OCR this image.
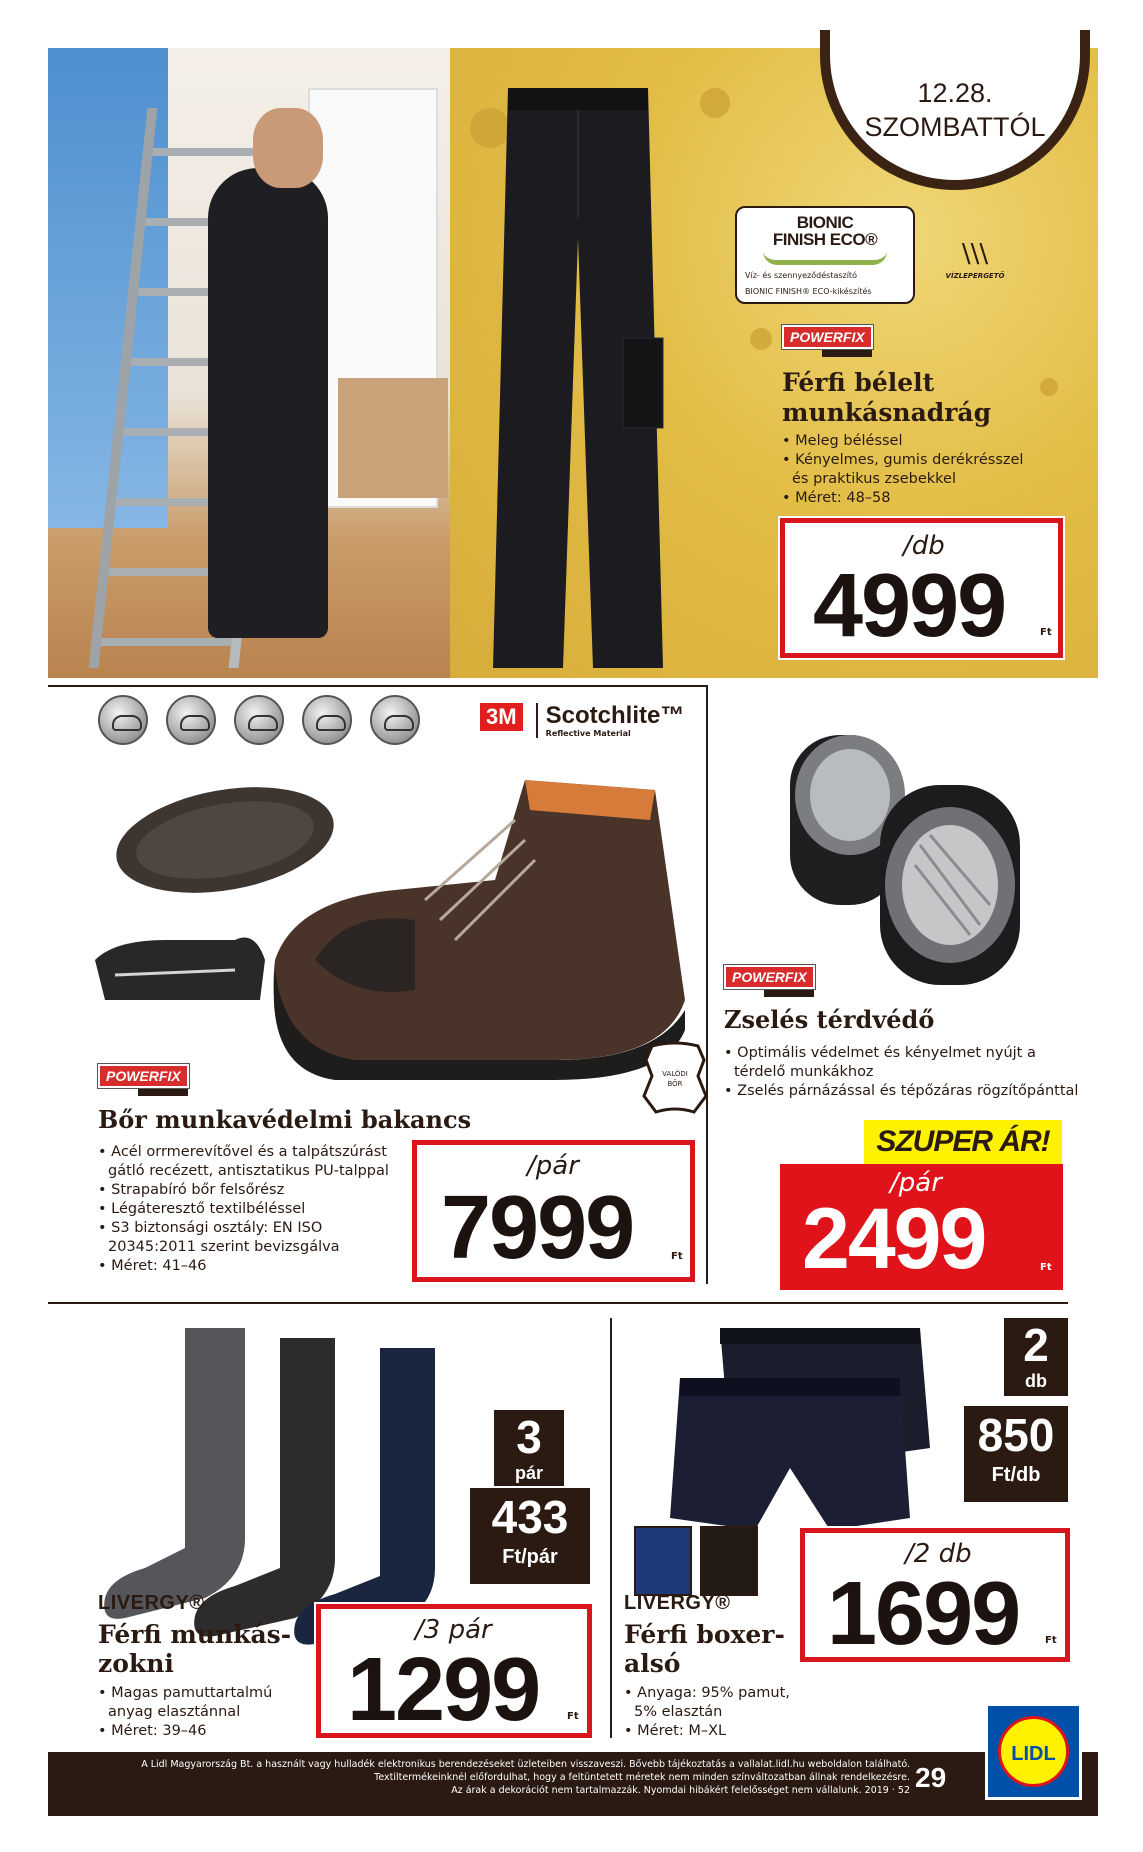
12.28.
SZOMBATTÓL
BIONIC
FINISH ECO®
Víz- és szennyeződéstaszító
BIONIC FINISH® ECO-kikészítés
\\\
VÍZLEPERGETŐ
POWERFIX
Férfi bélelt
munkásnadrág
• Meleg béléssel
• Kényelmes, gumis derékrésszel és praktikus zsebekkel
• Méret: 48–58
/db
4999	Ft
3M Scotchlite™
Reflective Material
VALÓDI
BŐR
POWERFIX
Bőr munkavédelmi bakancs
• Acél orrmerevítővel és a talpátszúrást gátló recézett, antisztatikus PU-talppal
• Strapabíró bőr felsőrész
• Légáteresztő textilbéléssel
• S3 biztonsági osztály: EN ISO 20345:2011 szerint bevizsgálva
• Méret: 41–46
/pár
7999	Ft
POWERFIX
Zselés térdvédő
• Optimális védelmet és kényelmet nyújt a térdelő munkákhoz
• Zselés párnázással és tépőzáras rögzítőpánttal
SZUPER ÁR!
/pár
2499	Ft
3
pár
433
Ft/pár
LIVERGY®
Férfi munkás-
zokni
• Magas pamuttartalmú anyag elasztánnal
• Méret: 39–46
/3 pár
1299	Ft
2
db
850
Ft/db
/2 db
1699	Ft
LIVERGY®
Férfi boxer-
alsó
• Anyaga: 95% pamut, 5% elasztán
• Méret: M–XL
A Lidl Magyarország Bt. a használt vagy hulladék elektronikus berendezéseket üzleteiben visszaveszi. Bővebb tájékoztatás a vallalat.lidl.hu weboldalon található.
Textiltermékeinknél előfordulhat, hogy a feltüntetett méretek nem minden színváltozatban állnak rendelkezésre.
Az árak a dekorációt nem tartalmazzák. Nyomdai hibákért felelősséget nem vállalunk. 2019 · 52 29
LIDL
